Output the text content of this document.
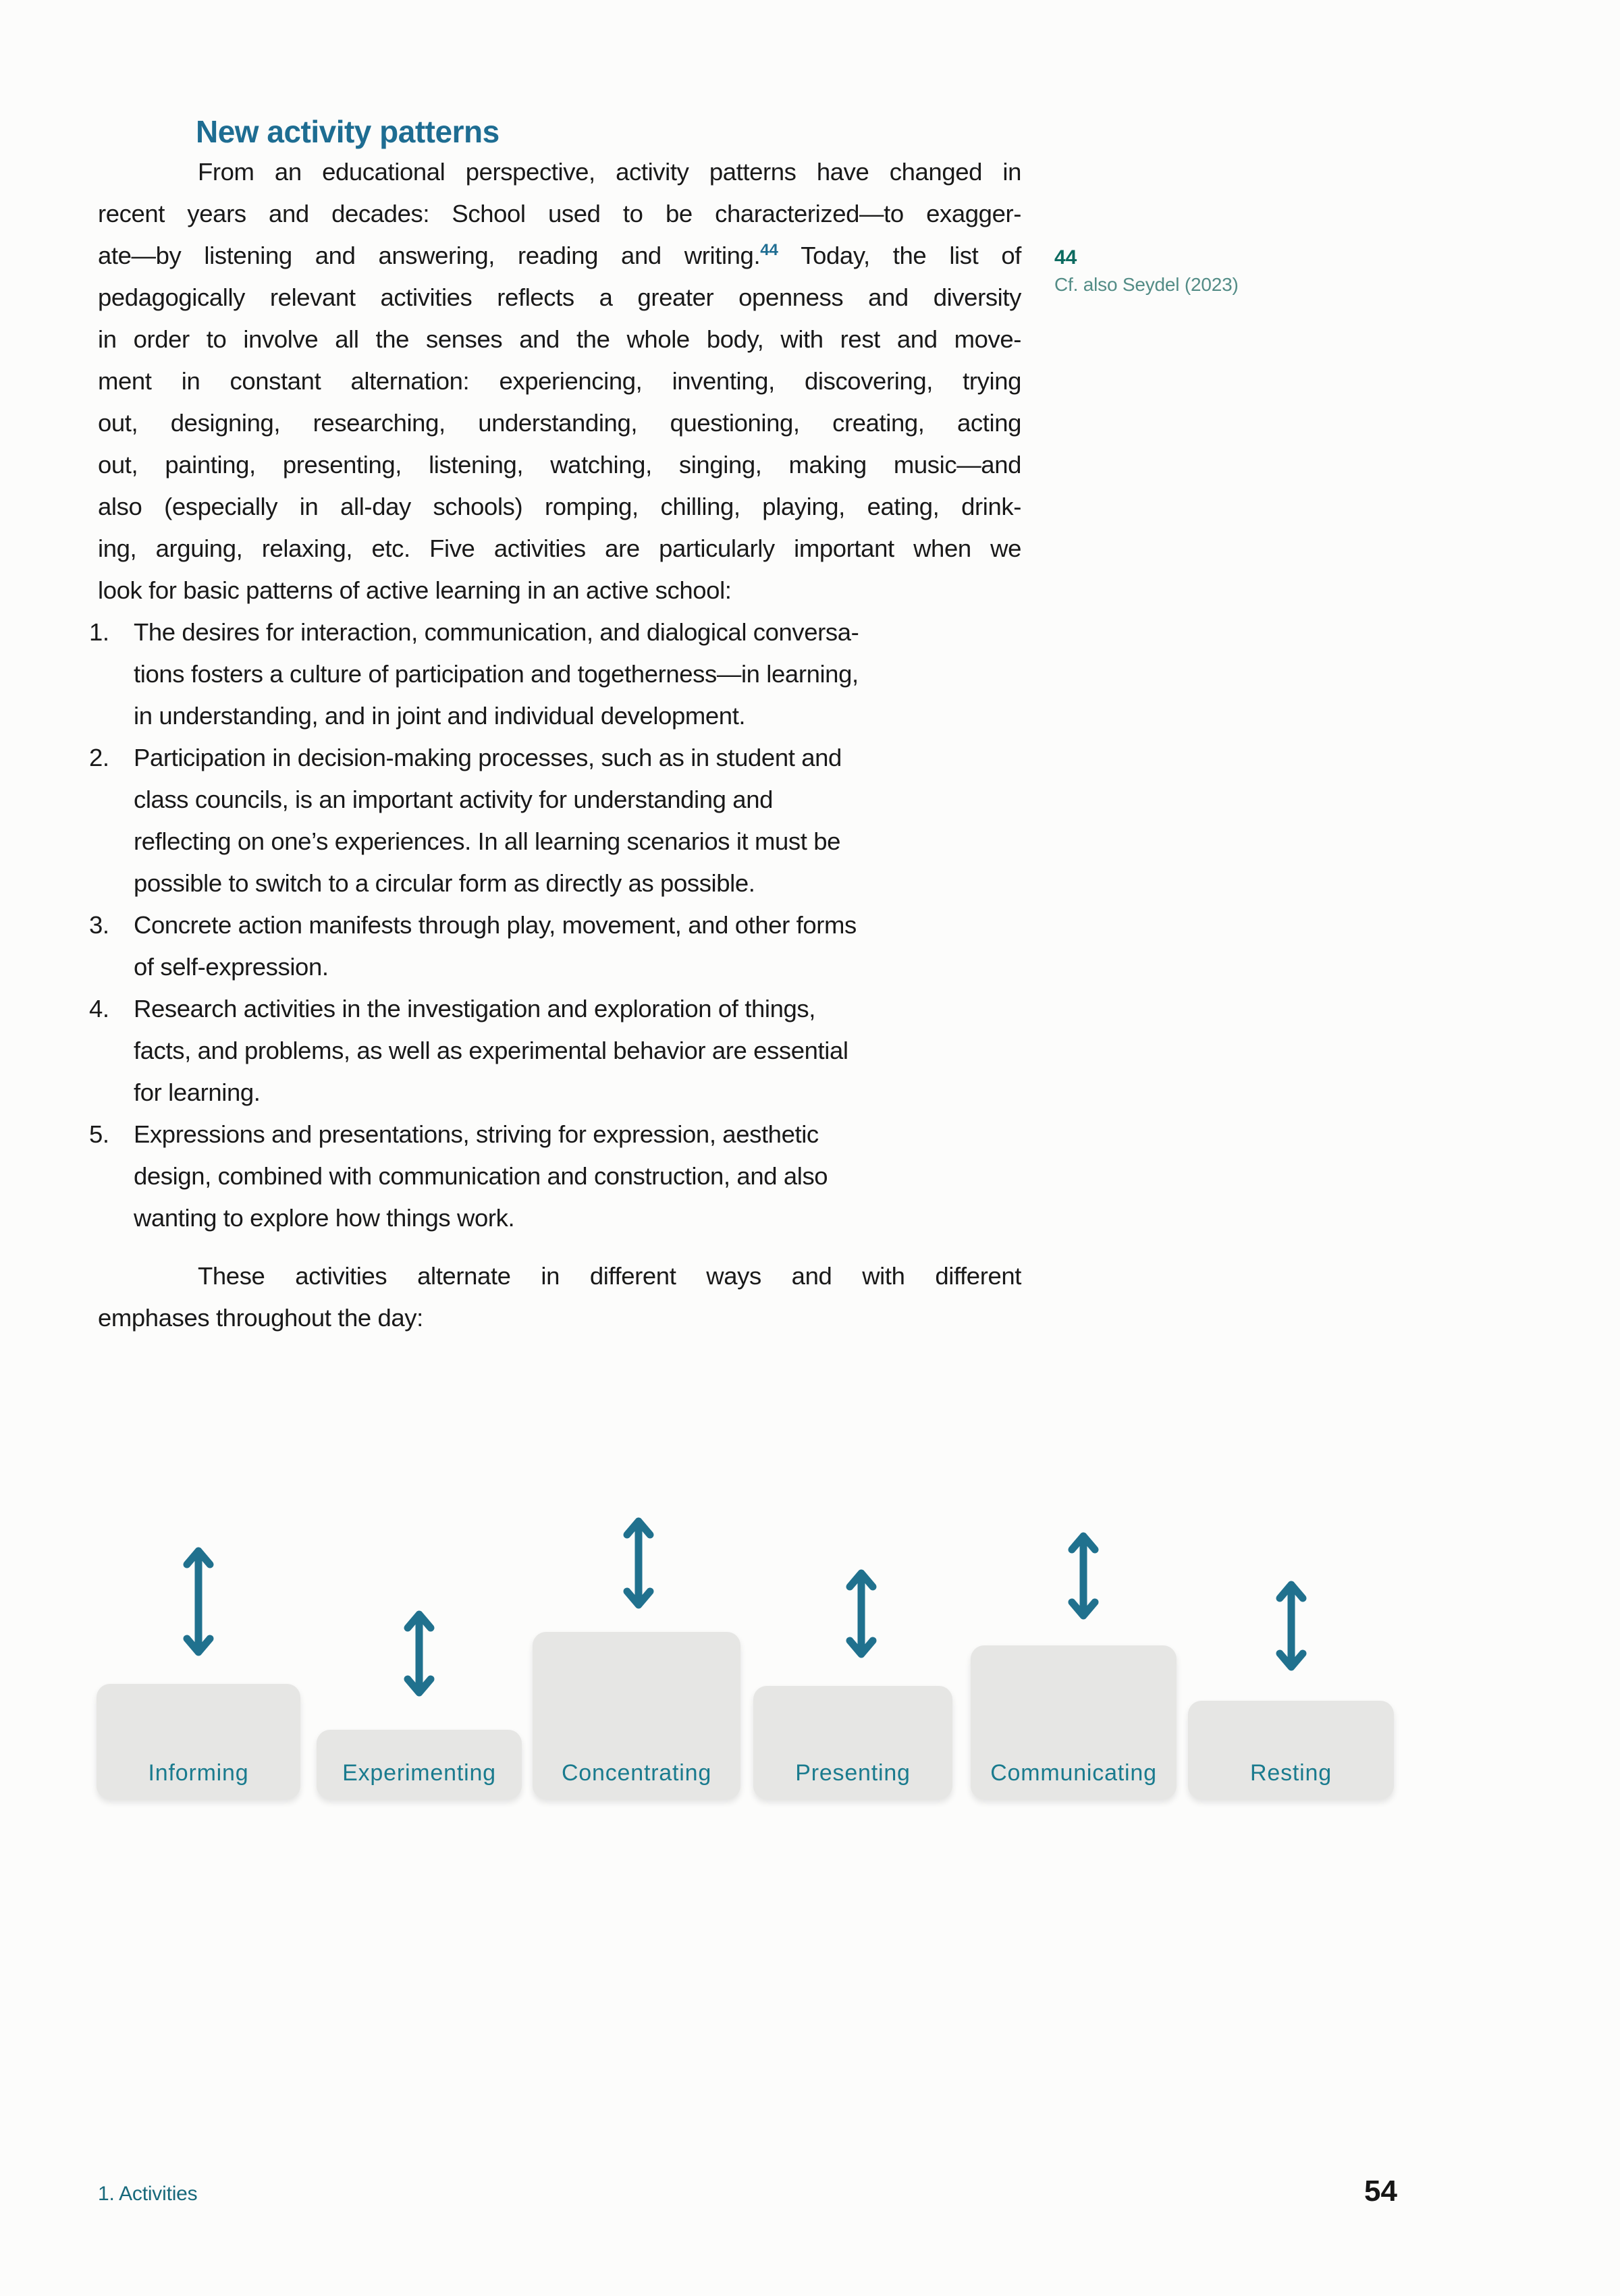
New activity patterns
From an educational perspective, activity patterns have changed in
recent years and decades: School used to be characterized—to exagger-
ate—by listening and answering, reading and writing.$^{44}$ Today, the list of
pedagogically relevant activities reflects a greater openness and diversity
in order to involve all the senses and the whole body, with rest and move-
ment in constant alternation: experiencing, inventing, discovering, trying
out, designing, researching, understanding, questioning, creating, acting
out, painting, presenting, listening, watching, singing, making music—and
also (especially in all-day schools) romping, chilling, playing, eating, drink-
ing, arguing, relaxing, etc. Five activities are particularly important when we
look for basic patterns of active learning in an active school:
44
Cf. also Seydel (2023)
1. The desires for interaction, communication, and dialogical conversa-
tions fosters a culture of participation and togetherness—in learning,
in understanding, and in joint and individual development.
2. Participation in decision-making processes, such as in student and
class councils, is an important activity for understanding and
reflecting on one’s experiences. In all learning scenarios it must be
possible to switch to a circular form as directly as possible.
3. Concrete action manifests through play, movement, and other forms
of self-expression.
4. Research activities in the investigation and exploration of things,
facts, and problems, as well as experimental behavior are essential
for learning.
5. Expressions and presentations, striving for expression, aesthetic
design, combined with communication and construction, and also
wanting to explore how things work.
These activities alternate in different ways and with different
emphases throughout the day:
Informing	Experimenting	Concentrating	Presenting	Communicating	Resting
1. Activities	54
